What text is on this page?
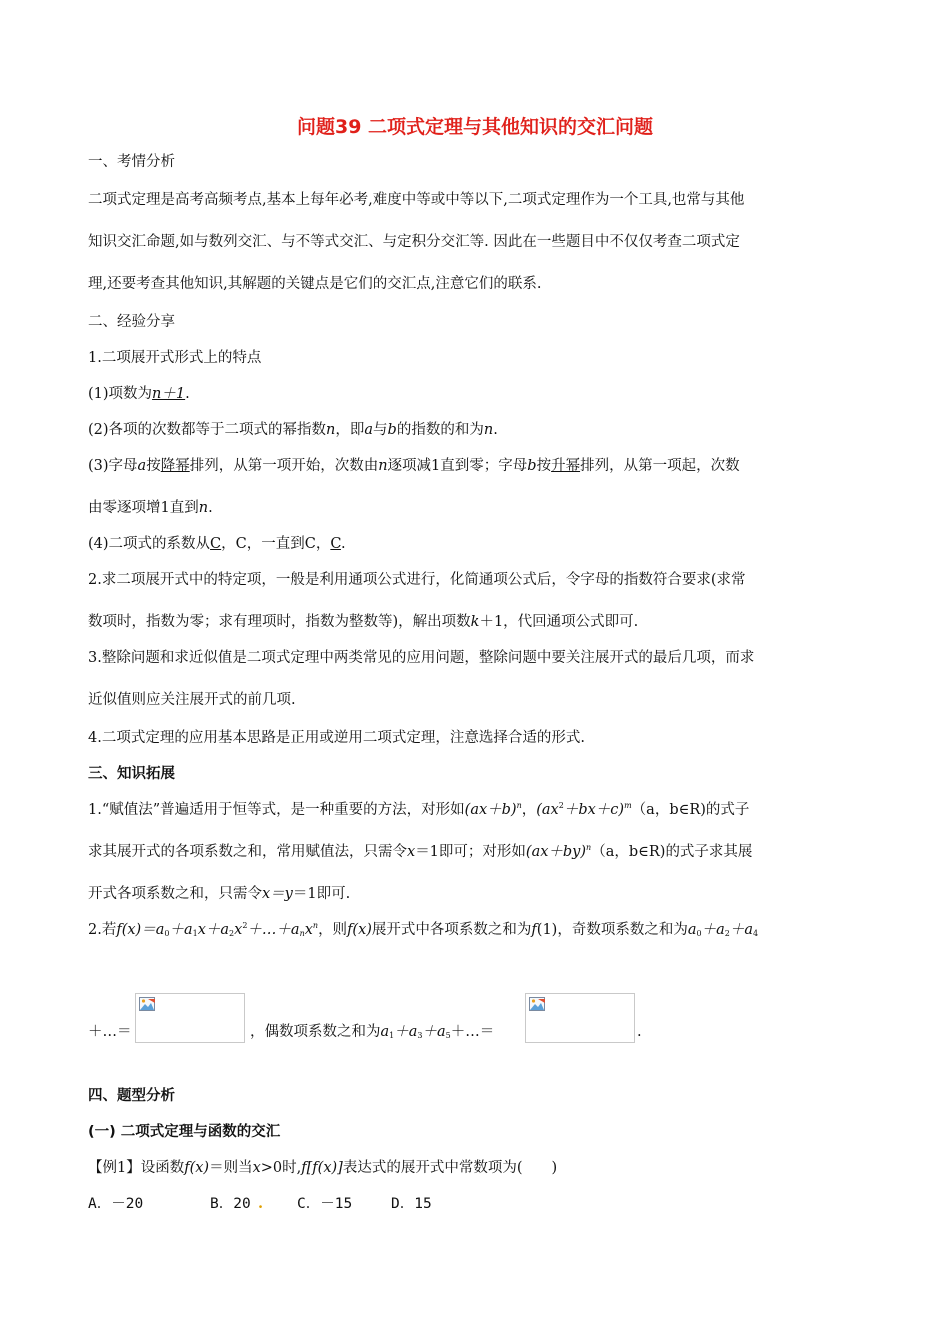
问题39 二项式定理与其他知识的交汇问题
一、考情分析
二项式定理是高考高频考点,基本上每年必考,难度中等或中等以下,二项式定理作为一个工具,也常与其他
知识交汇命题,如与数列交汇、与不等式交汇、与定积分交汇等. 因此在一些题目中不仅仅考查二项式定
理,还要考查其他知识,其解题的关键点是它们的交汇点,注意它们的联系.
二、经验分享
1.二项展开式形式上的特点
(1)项数为n＋1.
(2)各项的次数都等于二项式的幂指数n，即a与b的指数的和为n.
(3)字母a按降幂排列，从第一项开始，次数由n逐项减1直到零；字母b按升幂排列，从第一项起，次数
由零逐项增1直到n.
(4)二项式的系数从C，C，一直到C，C.
2.求二项展开式中的特定项，一般是利用通项公式进行，化简通项公式后，令字母的指数符合要求(求常
数项时，指数为零；求有理项时，指数为整数等)，解出项数k＋1，代回通项公式即可.
3.整除问题和求近似值是二项式定理中两类常见的应用问题，整除问题中要关注展开式的最后几项，而求
近似值则应关注展开式的前几项.
4.二项式定理的应用基本思路是正用或逆用二项式定理，注意选择合适的形式.
三、知识拓展
1.“赋值法”普遍适用于恒等式，是一种重要的方法，对形如$(ax+b)^n$，$(ax^2+bx+c)^m(a$，b∈R)的式子
求其展开式的各项系数之和，常用赋值法，只需令x＝1即可；对形如$(ax+by)^n(a$，b∈R)的式子求其展
开式各项系数之和，只需令x＝y＝1即可.
2.若$f(x)=a_0+a_1x+a_2x^2+\dots+a_nx^n$，则f(x)展开式中各项系数之和为f(1)，奇数项系数之和为$a_0+a_2+a_4$
＋…＝	，偶数项系数之和为$a_1+a_3+a_5+\dots=$	.
四、题型分析
(一) 二项式定理与函数的交汇
【例1】设函数f(x)＝则当x>0时,f[f(x)]表达式的展开式中常数项为(　　)
A．－20	B．20 . C．－15	D．15
